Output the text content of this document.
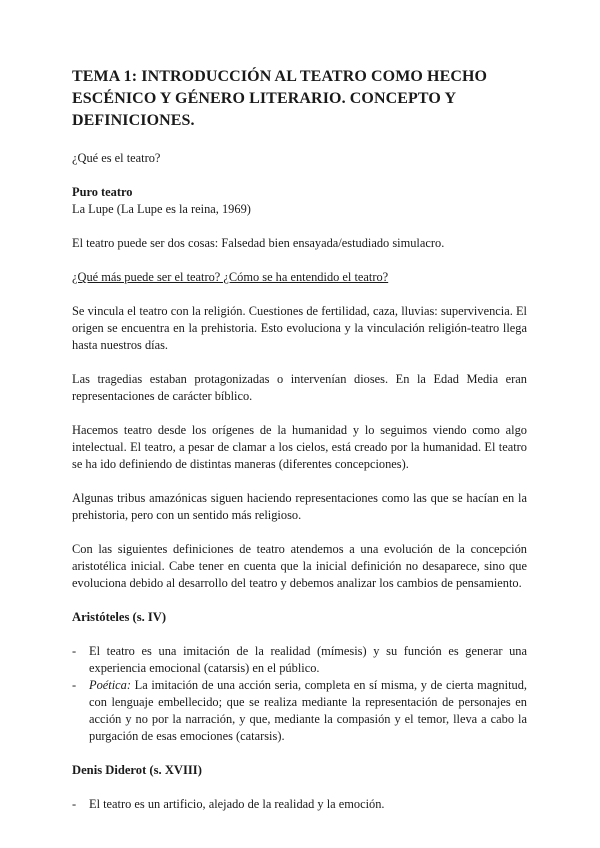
TEMA 1: INTRODUCCIÓN AL TEATRO COMO HECHO ESCÉNICO Y GÉNERO LITERARIO. CONCEPTO Y DEFINICIONES.

¿Qué es el teatro?

Puro teatro

La Lupe (La Lupe es la reina, 1969)

El teatro puede ser dos cosas: Falsedad bien ensayada/estudiado simulacro.

¿Qué más puede ser el teatro? ¿Cómo se ha entendido el teatro?

Se vincula el teatro con la religión. Cuestiones de fertilidad, caza, lluvias: supervivencia. El origen se encuentra en la prehistoria. Esto evoluciona y la vinculación religión-teatro llega hasta nuestros días.

Las tragedias estaban protagonizadas o intervenían dioses. En la Edad Media eran representaciones de carácter bíblico.

Hacemos teatro desde los orígenes de la humanidad y lo seguimos viendo como algo intelectual. El teatro, a pesar de clamar a los cielos, está creado por la humanidad. El teatro se ha ido definiendo de distintas maneras (diferentes concepciones).

Algunas tribus amazónicas siguen haciendo representaciones como las que se hacían en la prehistoria, pero con un sentido más religioso.

Con las siguientes definiciones de teatro atendemos a una evolución de la concepción aristotélica inicial. Cabe tener en cuenta que la inicial definición no desaparece, sino que evoluciona debido al desarrollo del teatro y debemos analizar los cambios de pensamiento.

Aristóteles (s. IV)

- El teatro es una imitación de la realidad (mímesis) y su función es generar una experiencia emocional (catarsis) en el público.
- Poética: La imitación de una acción seria, completa en sí misma, y de cierta magnitud, con lenguaje embellecido; que se realiza mediante la representación de personajes en acción y no por la narración, y que, mediante la compasión y el temor, lleva a cabo la purgación de esas emociones (catarsis).

Denis Diderot (s. XVIII)

- El teatro es un artificio, alejado de la realidad y la emoción.
